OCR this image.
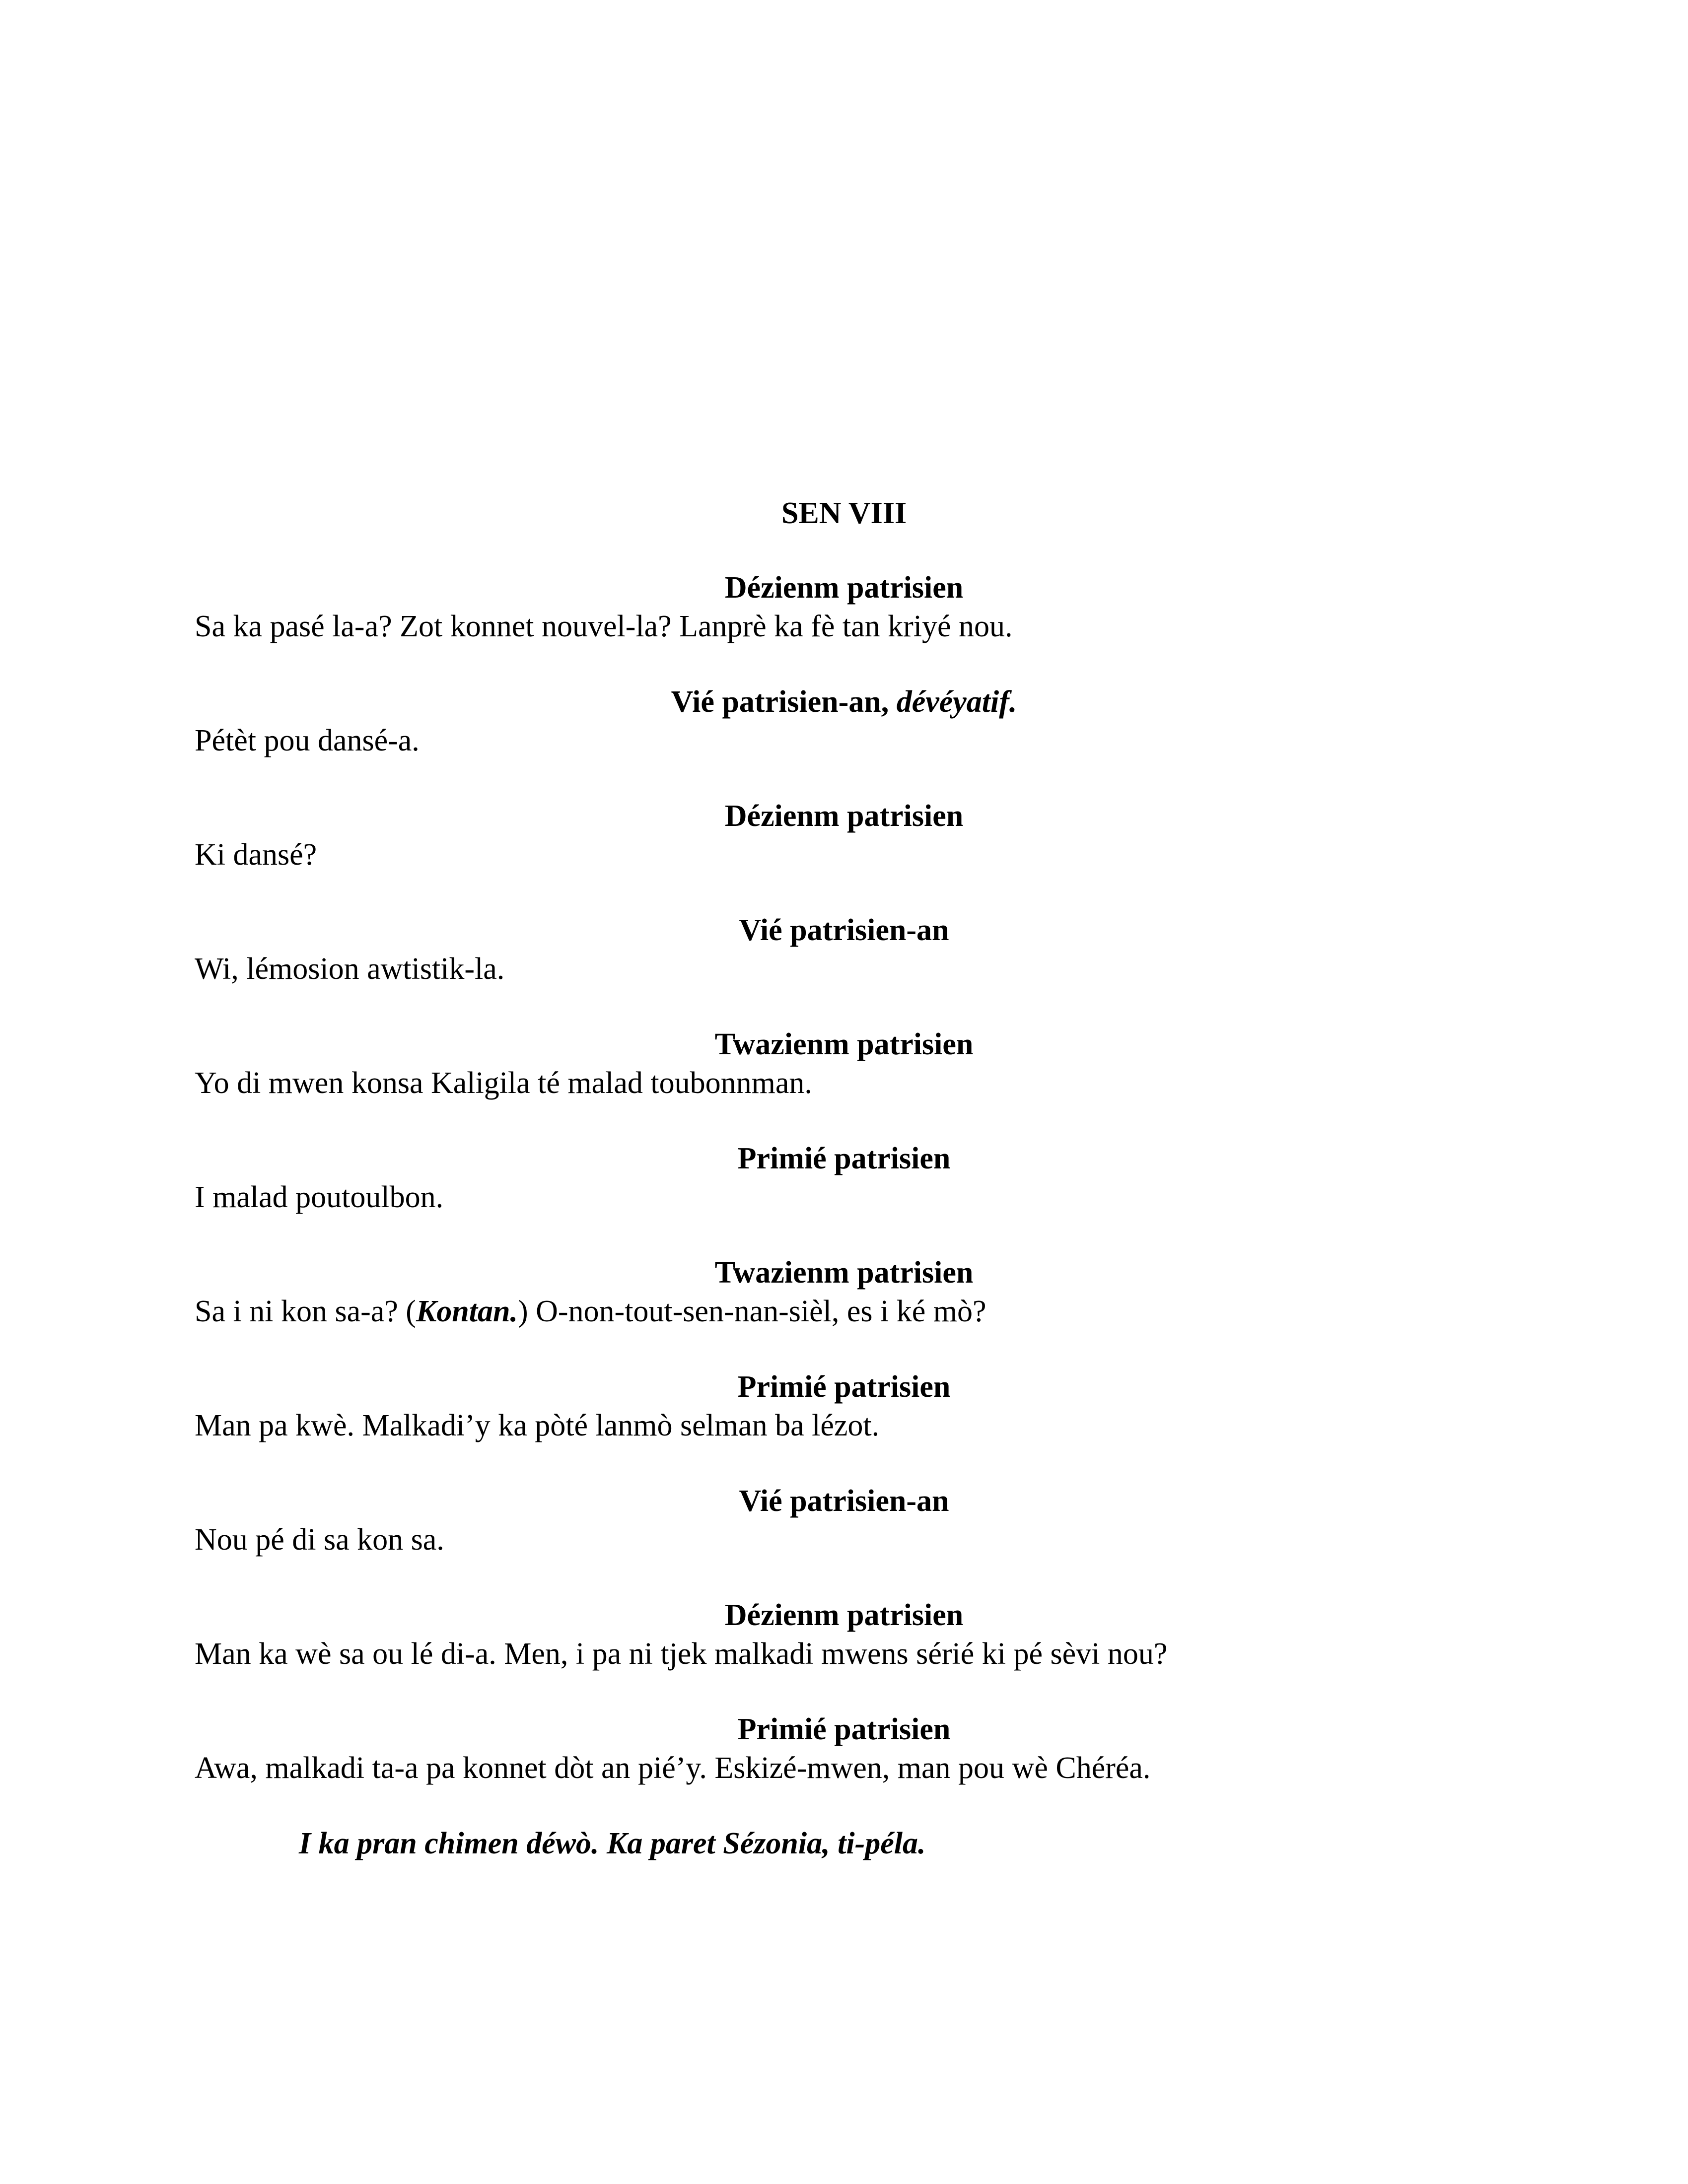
SEN VIII
Dézienm patrisien
Sa ka pasé la-a? Zot konnet nouvel-la? Lanprè ka fè tan kriyé nou.
Vié patrisien-an, dévéyatif.
Pétèt pou dansé-a.
Dézienm patrisien
Ki dansé?
Vié patrisien-an
Wi, lémosion awtistik-la.
Twazienm patrisien
Yo di mwen konsa Kaligila té malad toubonnman.
Primié patrisien
I malad poutoulbon.
Twazienm patrisien
Sa i ni kon sa-a? (Kontan.) O-non-tout-sen-nan-sièl, es i ké mò?
Primié patrisien
Man pa kwè. Malkadi’y ka pòté lanmò selman ba lézot.
Vié patrisien-an
Nou pé di sa kon sa.
Dézienm patrisien
Man ka wè sa ou lé di-a. Men, i pa ni tjek malkadi mwens sérié ki pé sèvi nou?
Primié patrisien
Awa, malkadi ta-a pa konnet dòt an pié’y. Eskizé-mwen, man pou wè Chéréa.
I ka pran chimen déwò. Ka paret Sézonia, ti-péla.
